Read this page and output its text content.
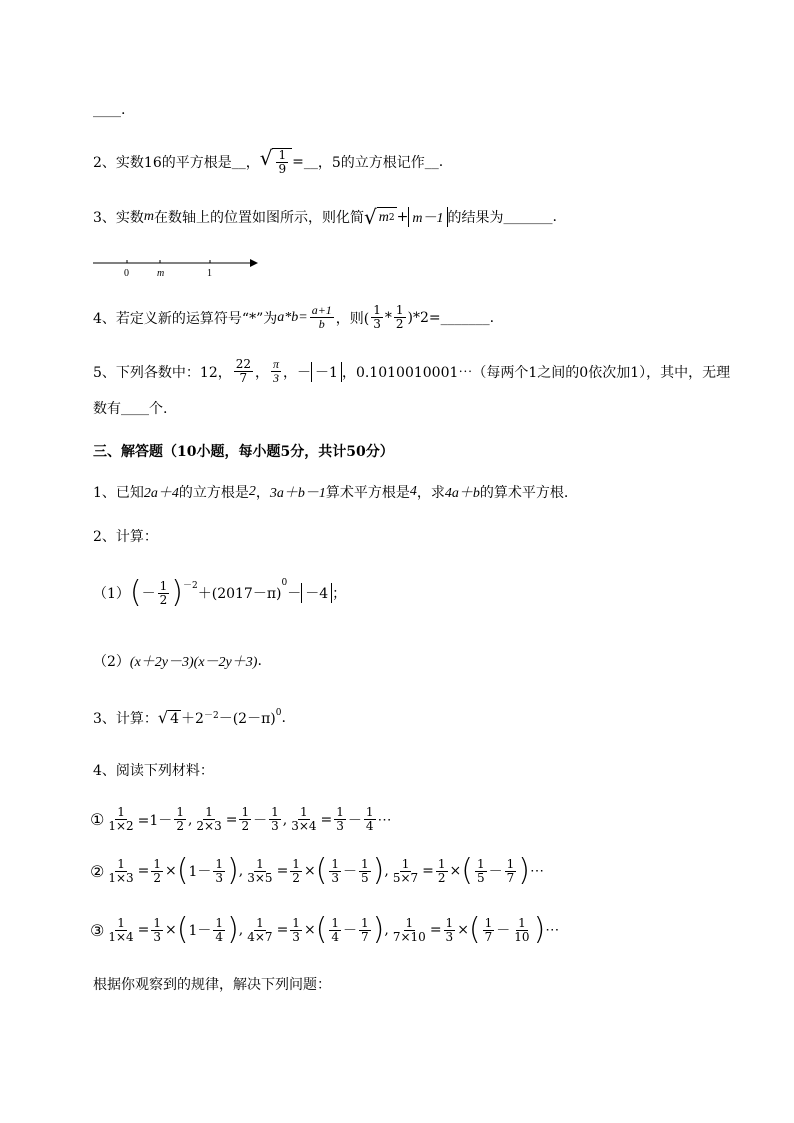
____.
2、实数16的平方根是 __ ， √ $\frac{1}{9}$ = __ ，5的立方根记作 __ .
3、实数 m 在数轴上的位置如图所示，则化简 √ m 2 + m－1 的结果为 _______ .
0	m	1
4、若定义新的运算符号“*”为 $a*b= \frac{a+1}{b}$ ，则( $\frac{1}{3} * \frac{1}{2} )*2=$ _______ .
5、下列各数中：12， $\frac{22}{7}$ ， $\frac{\pi}{3}$ ，－ －1 ，0.1010010001⋯（每两个1之间的0依次加1），其中，无理
数有 ____ 个.
三、解答题（10小题，每小题5分，共计50分）
1、已知 2a＋4 的立方根是 2 ， 3a＋b－1 算术平方根是 4 ，求 4a＋b 的算术平方根.
2、计算：
（1） ( － $\frac{1}{2} )^{-2} +(2017-\pi)$
$^0$
－ －4 ；
（2） (x＋2y－3)(x－2y＋3) .
3、计算： √ $4 +2^{-2} -(2-\pi)^0$ .
4、阅读下列材料：
① $\frac{1}{1\times 2} =1- \frac{1}{2}$ , $\frac{1}{2\times 3} = \frac{1}{2} - \frac{1}{3}$ , $\frac{1}{3\times 4} = \frac{1}{3} - \frac{1}{4}$ ⋯
② $\frac{1}{1\times 3} = \frac{1}{2}$ × ( $1- \frac{1}{3}$ ) , $\frac{1}{3\times 5} = \frac{1}{2}$ × ( $\frac{1}{3} - \frac{1}{5}$ ) , $\frac{1}{5\times 7} = \frac{1}{2}$ × ( $\frac{1}{5} - \frac{1}{7}$ ) ⋯
③ $\frac{1}{1\times 4} = \frac{1}{3}$ × ( $1- \frac{1}{4}$ ) , $\frac{1}{4\times 7} = \frac{1}{3}$ × ( $\frac{1}{4} - \frac{1}{7}$ ) , $\frac{1}{7\times 10} = \frac{1}{3}$ × ( $\frac{1}{7} - \frac{1}{10}$ ) ⋯
根据你观察到的规律，解决下列问题：
